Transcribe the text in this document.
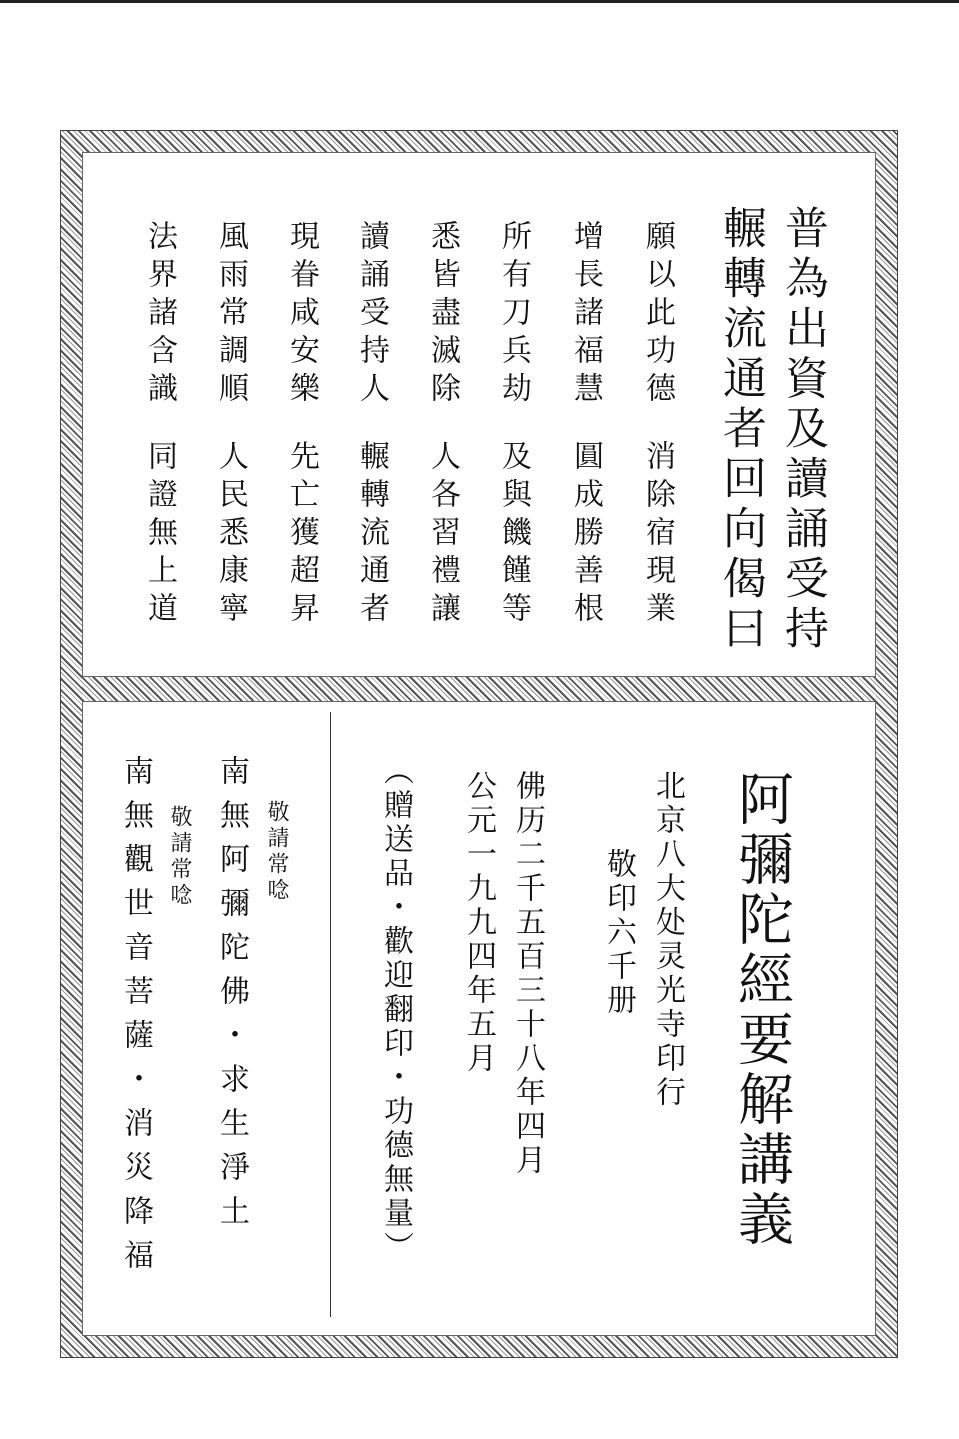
普為出資及讀誦受持
輾轉流通者回向偈曰
願以此功德
消除宿現業
增長諸福慧
圓成勝善根
所有刀兵劫
及與饑饉等
悉皆盡滅除
人各習禮讓
讀誦受持人
輾轉流通者
現眷咸安樂
先亡獲超昇
風雨常調順
人民悉康寧
法界諸含識
同證無上道
阿彌陀經要解講義
北京八大处灵光寺印行
敬印六千册
佛历二千五百三十八年四月
公元一九九四年五月
（贈送品・歡迎翻印・功德無量）
敬請常唸
南無阿彌陀佛・求生淨土
敬請常唸
南無觀世音菩薩・消災降福
